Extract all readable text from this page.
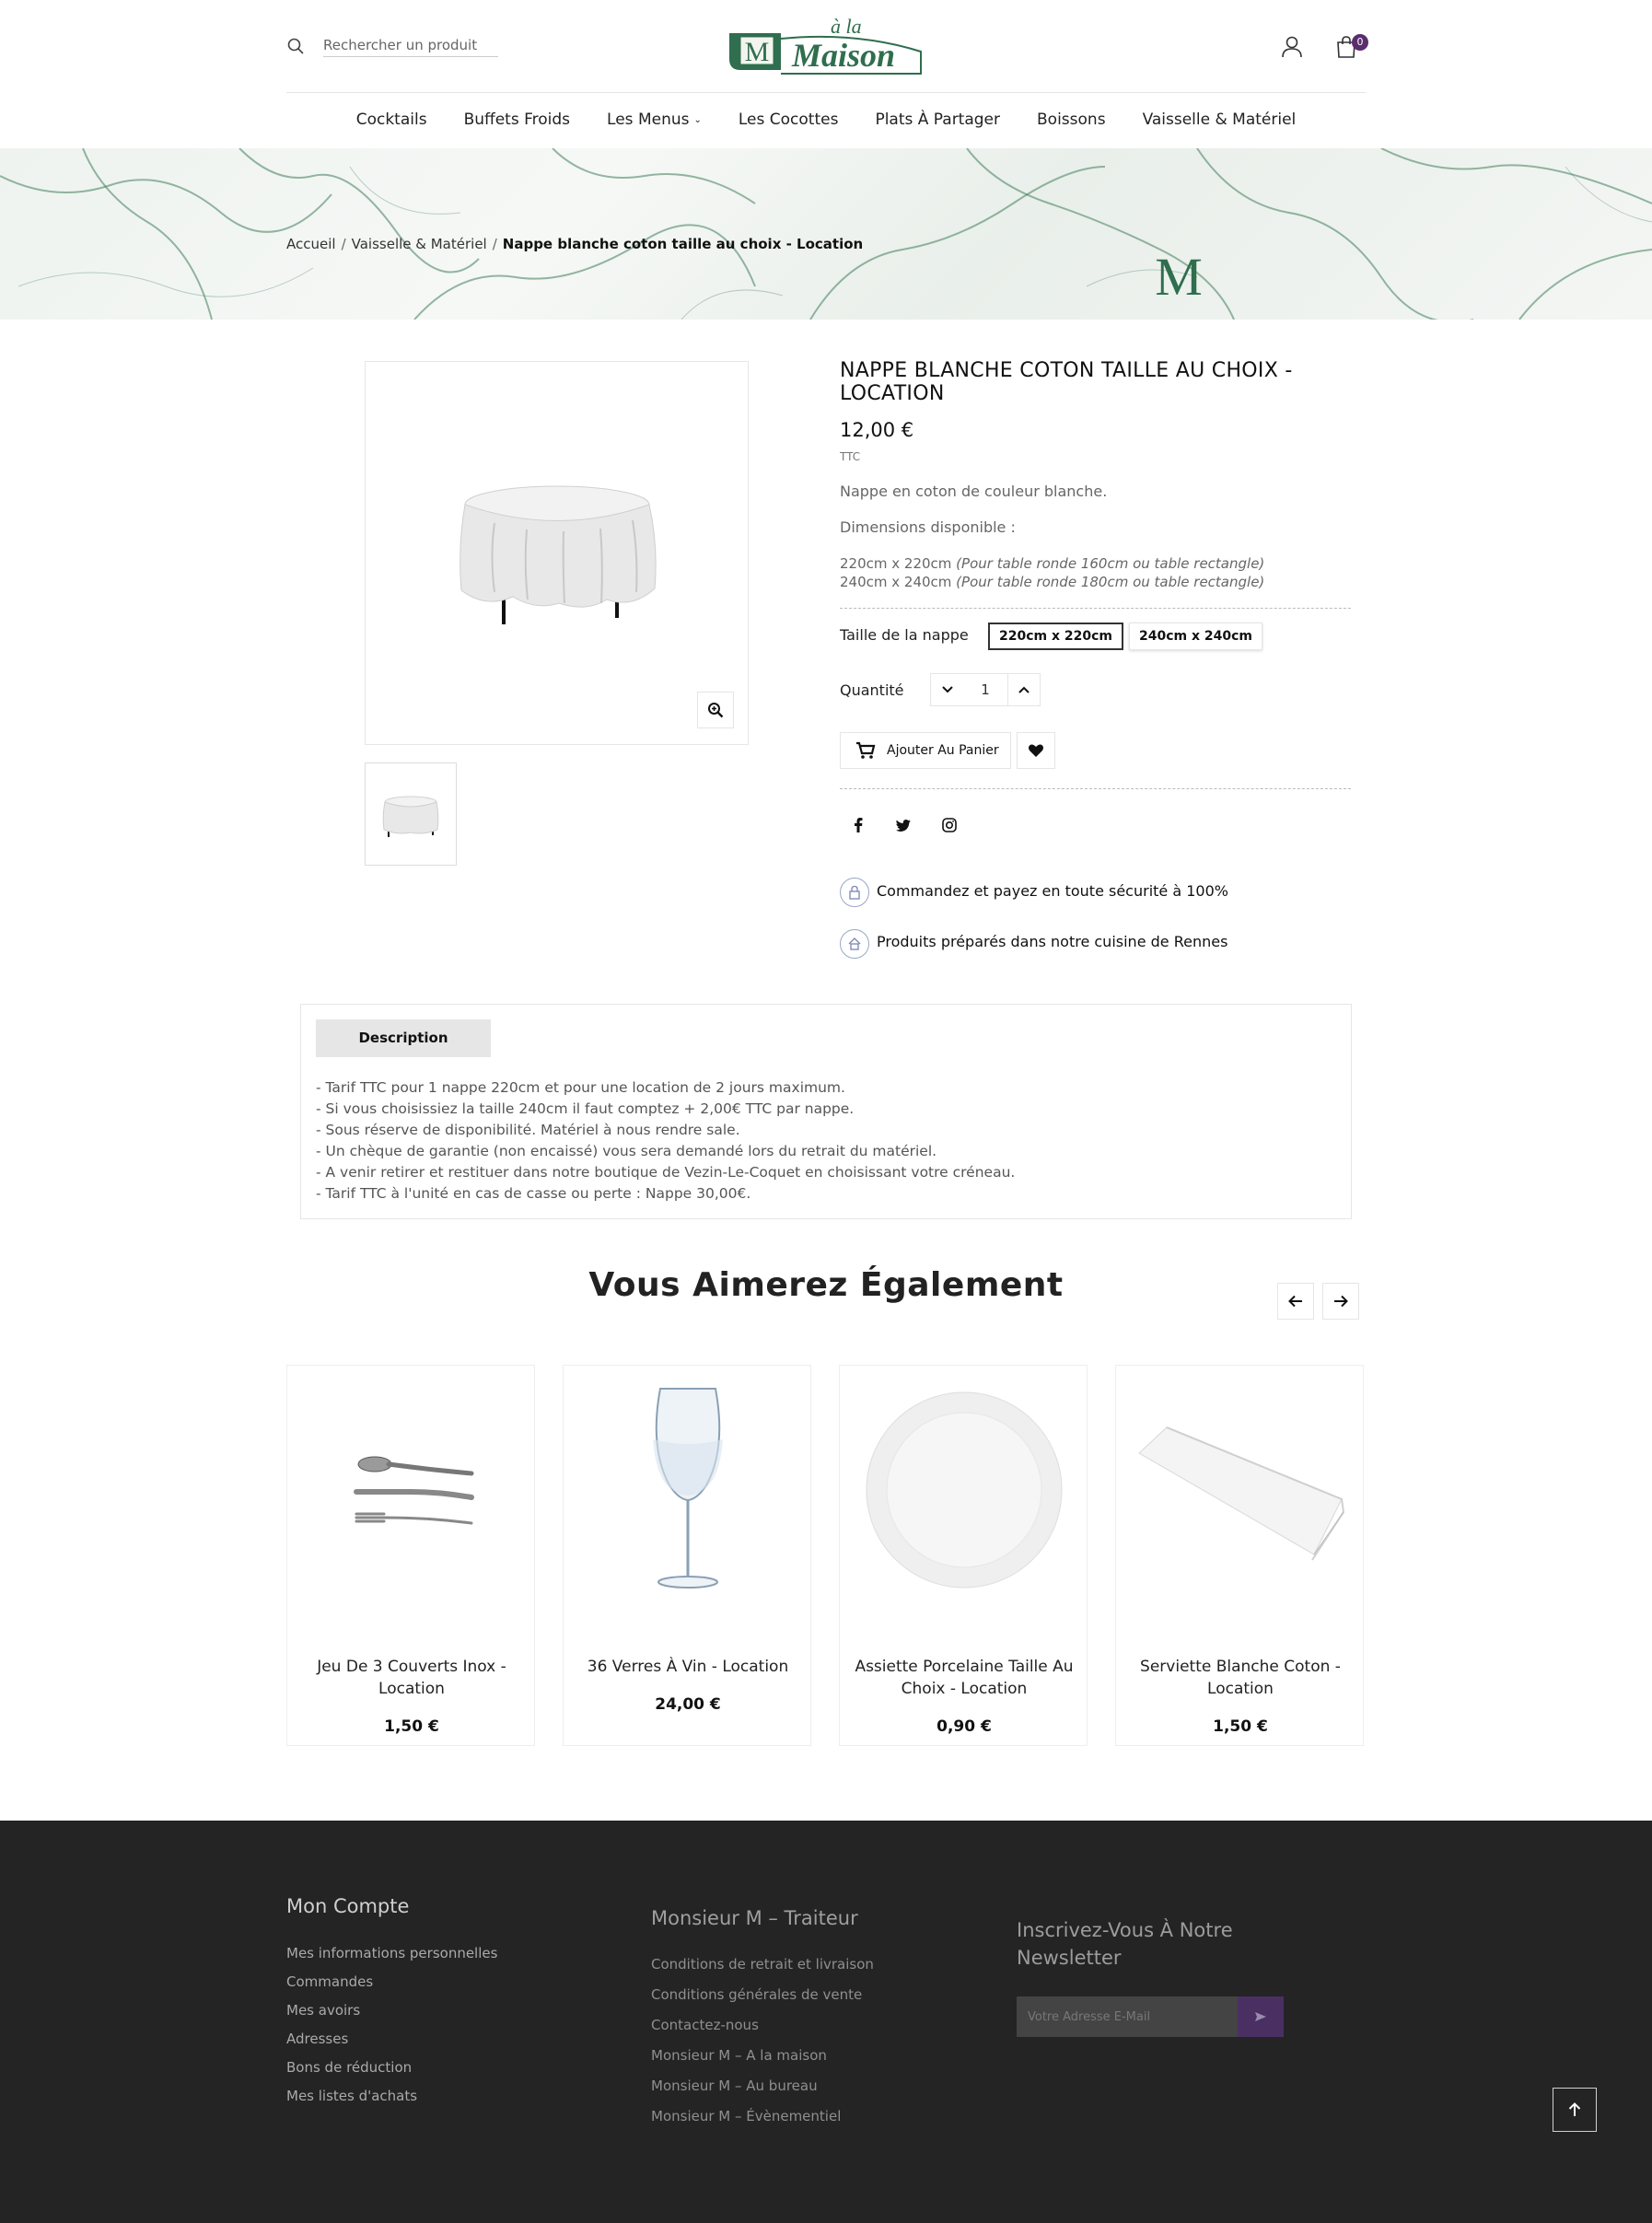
Rechercher un produit
M
à la
Maison	0
Cocktails Buffets Froids Les Menus ⌄ Les Cocottes Plats À Partager Boissons Vaisselle & Matériel
Accueil / Vaisselle & Matériel / Nappe blanche coton taille au choix - Location
M
NAPPE BLANCHE COTON TAILLE AU CHOIX - LOCATION
12,00 €
TTC

Nappe en coton de couleur blanche.

Dimensions disponible :

220cm x 220cm (Pour table ronde 160cm ou table rectangle)
240cm x 240cm (Pour table ronde 180cm ou table rectangle)
Taille de la nappe	220cm x 220cm	240cm x 240cm
Quantité
1
Ajouter Au Panier
Commandez et payez en toute sécurité à 100%
Produits préparés dans notre cuisine de Rennes
Description
- Tarif TTC pour 1 nappe 220cm et pour une location de 2 jours maximum.
- Si vous choisissiez la taille 240cm il faut comptez + 2,00€ TTC par nappe.
- Sous réserve de disponibilité. Matériel à nous rendre sale.
- Un chèque de garantie (non encaissé) vous sera demandé lors du retrait du matériel.
- A venir retirer et restituer dans notre boutique de Vezin-Le-Coquet en choisissant votre créneau.
- Tarif TTC à l'unité en cas de casse ou perte : Nappe 30,00€.
Vous Aimerez Également
Jeu De 3 Couverts Inox - Location
1,50 €
36 Verres À Vin - Location
24,00 €
Assiette Porcelaine Taille Au Choix - Location
0,90 €
Serviette Blanche Coton - Location
1,50 €
Mon Compte
Mes informations personnelles
Commandes
Mes avoirs
Adresses
Bons de réduction
Mes listes d'achats
Monsieur M – Traiteur
Conditions de retrait et livraison
Conditions générales de vente
Contactez-nous
Monsieur M – A la maison
Monsieur M – Au bureau
Monsieur M – Évènementiel
Inscrivez-Vous À Notre Newsletter
Votre Adresse E-Mail
